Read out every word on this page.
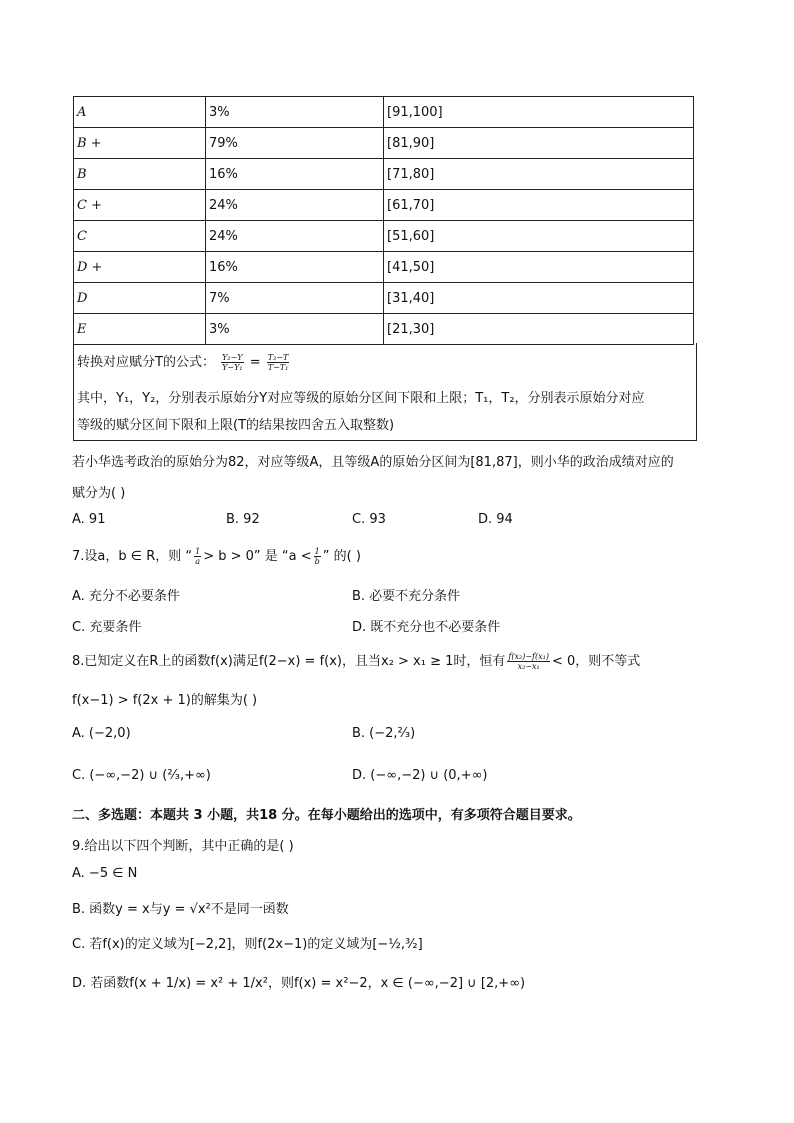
A	3%	[91,100]
B +	79%	[81,90]
B	16%	[71,80]
C +	24%	[61,70]
C	24%	[51,60]
D +	16%	[41,50]
D	7%	[31,40]
E	3%	[21,30]
转换对应赋分T的公式： $\frac{\text{Y₂−Y}}{\text{Y−Y₁}} = \frac{\text{T₂−T}}{\text{T−T₁}}$
其中，Y₁，Y₂，分别表示原始分Y对应等级的原始分区间下限和上限；T₁，T₂，分别表示原始分对应
等级的赋分区间下限和上限(T的结果按四舍五入取整数)
若小华选考政治的原始分为82，对应等级A，且等级A的原始分区间为[81,87]，则小华的政治成绩对应的
赋分为( )
A. 91	B. 92	C. 93	D. 94
7.设a，b ∈ R，则 “ $\frac{1}{a} > b > 0$” 是 “$a < \frac{1}{b}$ ” 的( )
A. 充分不必要条件	B. 必要不充分条件
C. 充要条件	D. 既不充分也不必要条件
8.已知定义在R上的函数f(x)满足f(2−x) = f(x)，且当x₂ > x₁ ≥ 1时，恒有 $\frac{\text{f(x₂)−f(x₁)}}{\text{x₂−x₁}} < 0$，则不等式
f(x−1) > f(2x + 1)的解集为( )
A. (−2,0)	B. (−2,²⁄₃)
C. (−∞,−2) ∪ (²⁄₃,+∞)	D. (−∞,−2) ∪ (0,+∞)
二、多选题：本题共 3 小题，共18 分。在每小题给出的选项中，有多项符合题目要求。
9.给出以下四个判断，其中正确的是( )
A. −5 ∈ N
B. 函数y = x与y = √x²不是同一函数
C. 若f(x)的定义域为[−2,2]，则f(2x−1)的定义域为[−½,³⁄₂]
D. 若函数f(x + 1/x) = x² + 1/x²，则f(x) = x²−2，x ∈ (−∞,−2] ∪ [2,+∞)
